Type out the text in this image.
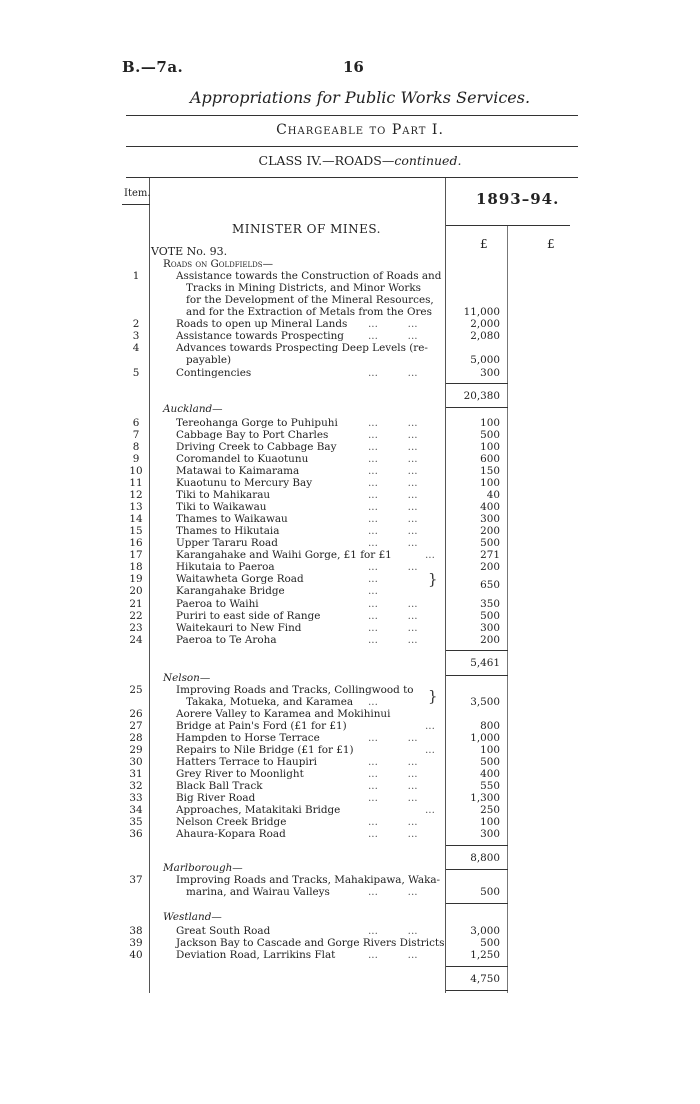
B.—7a.	16
Appropriations for Public Works Services.
Chargeable to Part I.
CLASS IV.—ROADS—continued.
Item.	1893–94.
£	£
MINISTER OF MINES.
VOTE No. 93.
Roads on Goldfields—
1	Assistance towards the Construction of Roads and
Tracks in Mining Districts, and Minor Works
for the Development of the Mineral Resources,
and for the Extraction of Metals from the Ores	11,000
2	Roads to open up Mineral Lands ...         ...	2,000
3	Assistance towards Prospecting ...         ...	2,080
4	Advances towards Prospecting Deep Levels (re-
payable)	5,000
5	Contingencies	...         ...	300
20,380
Auckland—
6	Tereohanga Gorge to Puhipuhi	...         ...	100
7	Cabbage Bay to Port Charles	...         ...	500
8	Driving Creek to Cabbage Bay	...         ...	100
9	Coromandel to Kuaotunu	...         ...	600
10	Matawai to Kaimarama	...         ...	150
11	Kuaotunu to Mercury Bay	...         ...	100
12	Tiki to Mahikarau	...         ...	40
13	Tiki to Waikawau	...         ...	400
14	Thames to Waikawau	...         ...	300
15	Thames to Hikutaia	...         ...	200
16	Upper Tararu Road	...         ...	500
17	Karangahake and Waihi Gorge, £1 for £1	...	271
18	Hikutaia to Paeroa	...         ...	200
19	Waitawheta Gorge Road	...
20	Karangahake Bridge	...
}	650
21	Paeroa to Waihi	...         ...	350
22	Puriri to east side of Range	...         ...	500
23	Waitekauri to New Find	...         ...	300
24	Paeroa to Te Aroha	...         ...	200
5,461
Nelson—
25	Improving Roads and Tracks, Collingwood to
Takaka, Motueka, and Karamea ...
26	Aorere Valley to Karamea and Mokihinui
}	3,500
27	Bridge at Pain's Ford (£1 for £1)	...	800
28	Hampden to Horse Terrace	...         ...	1,000
29	Repairs to Nile Bridge (£1 for £1)	...	100
30	Hatters Terrace to Haupiri	...         ...	500
31	Grey River to Moonlight	...         ...	400
32	Black Ball Track	...         ...	550
33	Big River Road	...         ...	1,300
34	Approaches, Matakitaki Bridge	...	250
35	Nelson Creek Bridge	...         ...	100
36	Ahaura-Kopara Road	...         ...	300
8,800
Marlborough—
37	Improving Roads and Tracks, Mahakipawa, Waka-
marina, and Wairau Valleys	...         ...	500
Westland—
38	Great South Road	...         ...	3,000
39	Jackson Bay to Cascade and Gorge Rivers Districts	500
40	Deviation Road, Larrikins Flat	...         ...	1,250
4,750
